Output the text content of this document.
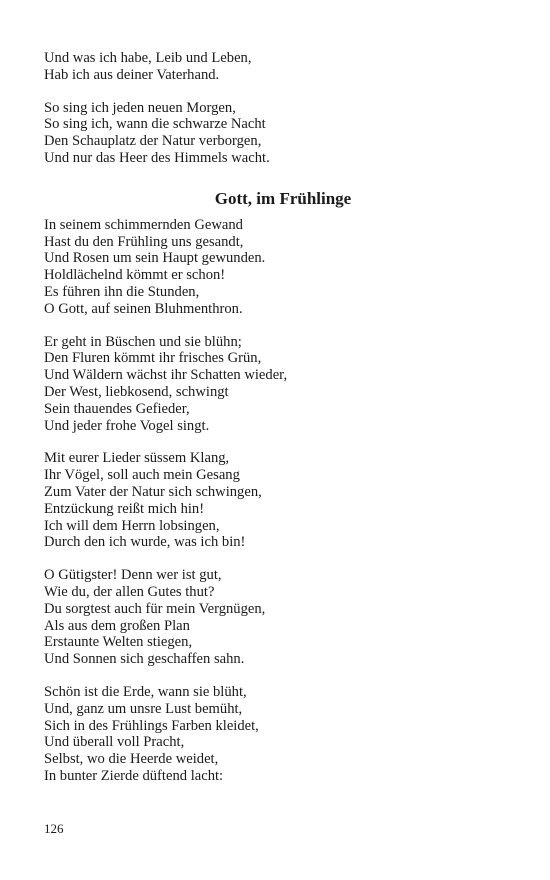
Und was ich habe, Leib und Leben,
Hab ich aus deiner Vaterhand.
So sing ich jeden neuen Morgen,
So sing ich, wann die schwarze Nacht
Den Schauplatz der Natur verborgen,
Und nur das Heer des Himmels wacht.
Gott, im Frühlinge
In seinem schimmernden Gewand
Hast du den Frühling uns gesandt,
Und Rosen um sein Haupt gewunden.
Holdlächelnd kömmt er schon!
Es führen ihn die Stunden,
O Gott, auf seinen Bluhmenthron.
Er geht in Büschen und sie blühn;
Den Fluren kömmt ihr frisches Grün,
Und Wäldern wächst ihr Schatten wieder,
Der West, liebkosend, schwingt
Sein thauendes Gefieder,
Und jeder frohe Vogel singt.
Mit eurer Lieder süssem Klang,
Ihr Vögel, soll auch mein Gesang
Zum Vater der Natur sich schwingen,
Entzückung reißt mich hin!
Ich will dem Herrn lobsingen,
Durch den ich wurde, was ich bin!
O Gütigster! Denn wer ist gut,
Wie du, der allen Gutes thut?
Du sorgtest auch für mein Vergnügen,
Als aus dem großen Plan
Erstaunte Welten stiegen,
Und Sonnen sich geschaffen sahn.
Schön ist die Erde, wann sie blüht,
Und, ganz um unsre Lust bemüht,
Sich in des Frühlings Farben kleidet,
Und überall voll Pracht,
Selbst, wo die Heerde weidet,
In bunter Zierde düftend lacht:
126
